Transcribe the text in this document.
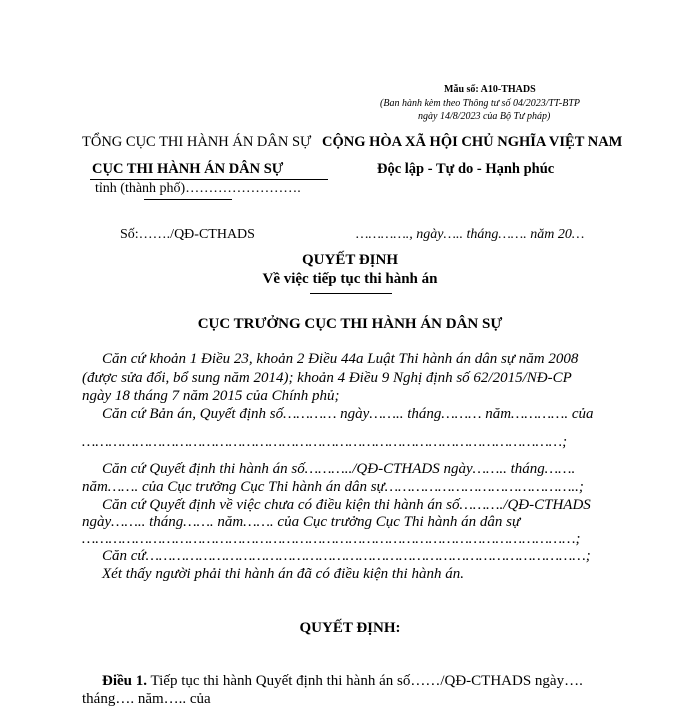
Mẫu số: A10-THADS
(Ban hành kèm theo Thông tư số 04/2023/TT-BTP
ngày 14/8/2023 của Bộ Tư pháp)
TỔNG CỤC THI HÀNH ÁN DÂN SỰ
CỤC THI HÀNH ÁN DÂN SỰ
tỉnh (thành phố)…………………….
Số:……./QĐ-CTHADS
CỘNG HÒA XÃ HỘI CHỦ NGHĨA VIỆT NAM
Độc lập - Tự do - Hạnh phúc
…………., ngày….. tháng……. năm 20…
QUYẾT ĐỊNH
Về việc tiếp tục thi hành án
CỤC TRƯỞNG CỤC THI HÀNH ÁN DÂN SỰ
Căn cứ khoản 1 Điều 23, khoản 2 Điều 44a Luật Thi hành án dân sự năm 2008
(được sửa đổi, bổ sung năm 2014); khoản 4 Điều 9 Nghị định số 62/2015/NĐ-CP
ngày 18 tháng 7 năm 2015 của Chính phủ;
Căn cứ Bản án, Quyết định số………… ngày…….. tháng……… năm…………. của
………………………………………………………………………………………………;
Căn cứ Quyết định thi hành án số………../QĐ-CTHADS ngày…….. tháng…….
năm……. của Cục trưởng Cục Thi hành án dân sự……………………………………..;
Căn cứ Quyết định về việc chưa có điều kiện thi hành án số………./QĐ-CTHADS
ngày…….. tháng……. năm……. của Cục trưởng Cục Thi hành án dân sự
…………………………………………………………………………………………………;
Căn cứ………………………………………………………………………………………;
Xét thấy người phải thi hành án đã có điều kiện thi hành án.
QUYẾT ĐỊNH:
Điều 1. Tiếp tục thi hành Quyết định thi hành án số……/QĐ-CTHADS ngày….
tháng…. năm….. của
